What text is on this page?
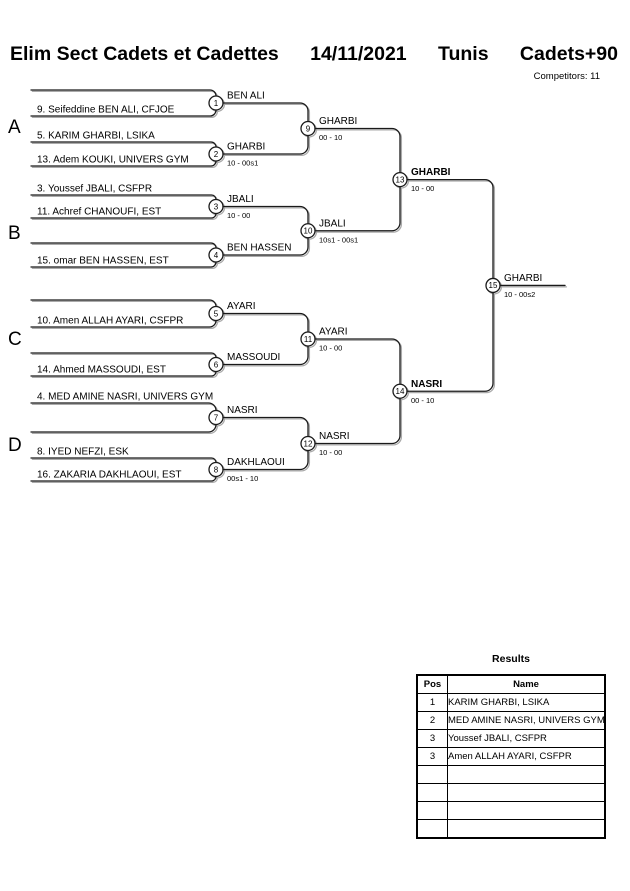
Elim Sect Cadets et Cadettes 14/11/2021 Tunis Cadets+90
Competitors: 11
9. Seifeddine BEN ALI, CFJOE
5. KARIM GHARBI, LSIKA
13. Adem KOUKI, UNIVERS GYM
3. Youssef JBALI, CSFPR
11. Achref CHANOUFI, EST
15. omar BEN HASSEN, EST
10. Amen ALLAH AYARI, CSFPR
14. Ahmed MASSOUDI, EST
4. MED AMINE NASRI, UNIVERS GYM
8. IYED NEFZI, ESK
16. ZAKARIA DAKHLAOUI, EST
1
BEN ALI
2
GHARBI
10 - 00s1
3
JBALI
10 - 00
4
BEN HASSEN
5
AYARI
6
MASSOUDI
7
NASRI
8
DAKHLAOUI
00s1 - 10
9
GHARBI
00 - 10
10
JBALI
10s1 - 00s1
11
AYARI
10 - 00
12
NASRI
10 - 00
13
GHARBI
10 - 00
14
NASRI
00 - 10
15
GHARBI
10 - 00s2
A
B
C
D
Results
Pos	Name
1	KARIM GHARBI, LSIKA
2	MED AMINE NASRI, UNIVERS GYM
3	Youssef JBALI, CSFPR
3	Amen ALLAH AYARI, CSFPR
